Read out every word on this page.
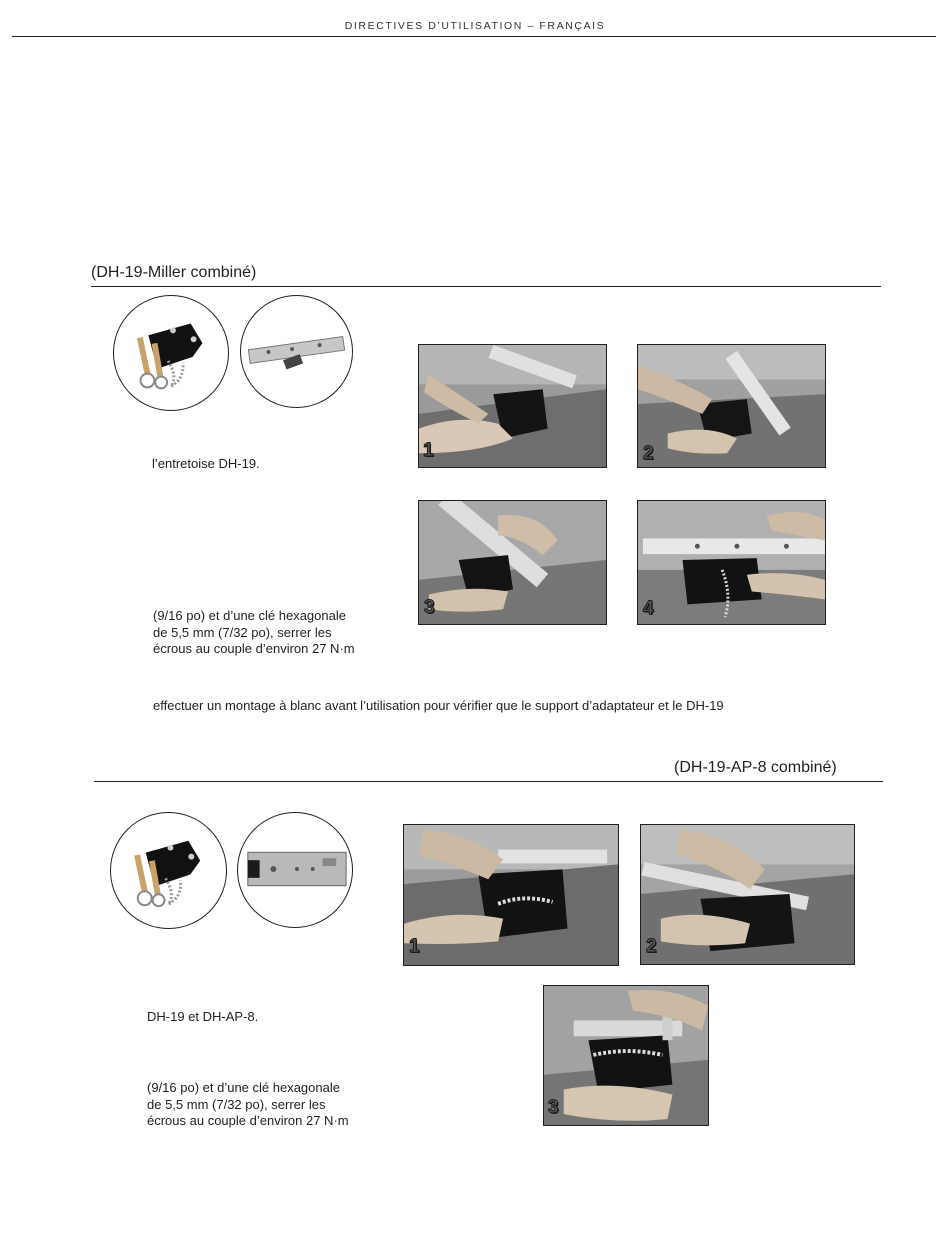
DIRECTIVES D’UTILISATION – FRANÇAIS
(DH-19-Miller combiné)
l’entretoise DH-19.
(9/16 po) et d’une clé hexagonale
de 5,5 mm (7/32 po), serrer les
écrous au couple d’environ 27 N·m
effectuer un montage à blanc avant l’utilisation pour vérifier que le support d’adaptateur et le DH-19
1	2
3	4
(DH-19-AP-8 combiné)
DH-19 et DH-AP-8.
(9/16 po) et d’une clé hexagonale
de 5,5 mm (7/32 po), serrer les
écrous au couple d’environ 27 N·m
1	2
3
